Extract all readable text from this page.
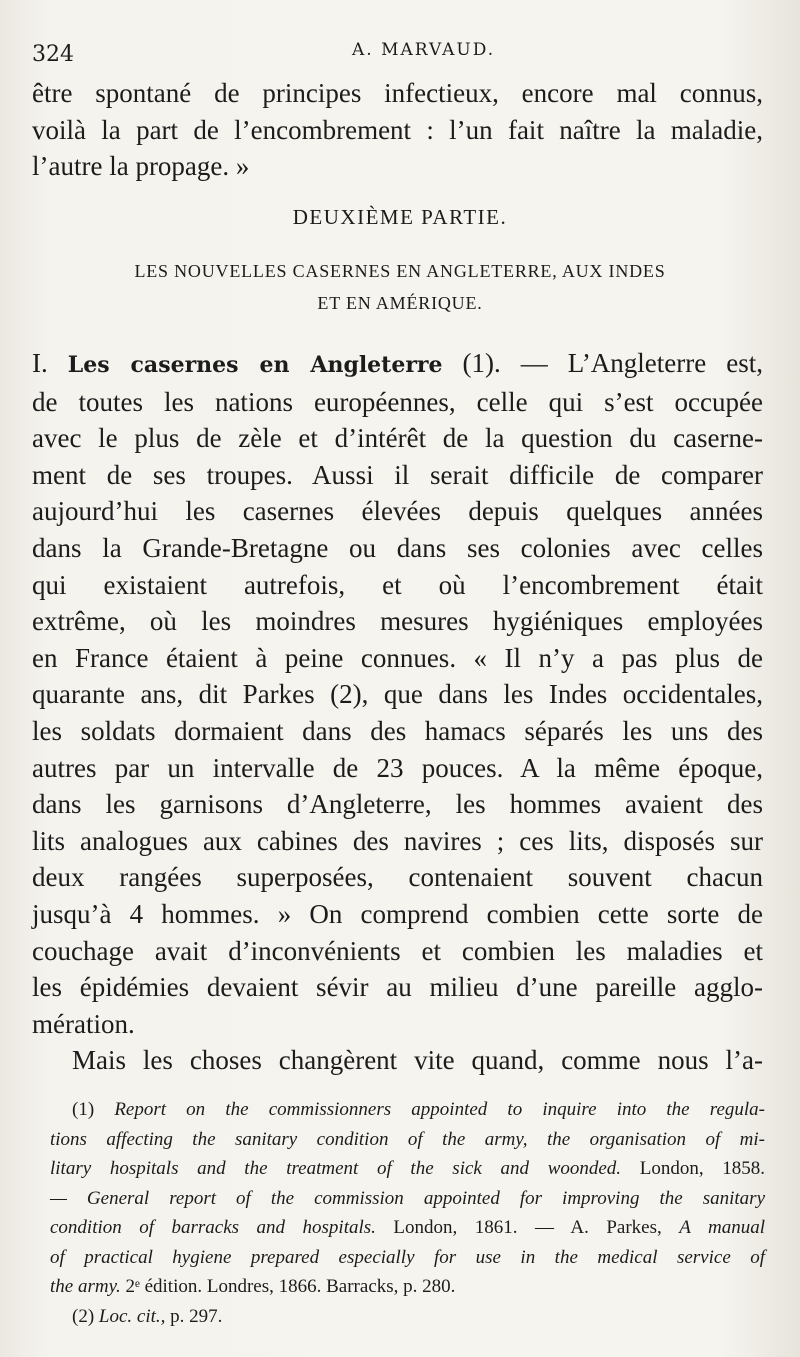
324	A. MARVAUD.
être spontané de principes infectieux, encore mal connus,
voilà la part de l’encombrement : l’un fait naître la maladie,
l’autre la propage. »
DEUXIÈME PARTIE.
LES NOUVELLES CASERNES EN ANGLETERRE, AUX INDES
ET EN AMÉRIQUE.
I. Les casernes en Angleterre (1). — L’Angleterre est,
de toutes les nations européennes, celle qui s’est occupée
avec le plus de zèle et d’intérêt de la question du caserne-
ment de ses troupes. Aussi il serait difficile de comparer
aujourd’hui les casernes élevées depuis quelques années
dans la Grande-Bretagne ou dans ses colonies avec celles
qui existaient autrefois, et où l’encombrement était
extrême, où les moindres mesures hygiéniques employées
en France étaient à peine connues. « Il n’y a pas plus de
quarante ans, dit Parkes (2), que dans les Indes occidentales,
les soldats dormaient dans des hamacs séparés les uns des
autres par un intervalle de 23 pouces. A la même époque,
dans les garnisons d’Angleterre, les hommes avaient des
lits analogues aux cabines des navires ; ces lits, disposés sur
deux rangées superposées, contenaient souvent chacun
jusqu’à 4 hommes. » On comprend combien cette sorte de
couchage avait d’inconvénients et combien les maladies et
les épidémies devaient sévir au milieu d’une pareille agglo-
mération.
Mais les choses changèrent vite quand, comme nous l’a-
(1) Report on the commissionners appointed to inquire into the regula-
tions affecting the sanitary condition of the army, the organisation of mi-
litary hospitals and the treatment of the sick and woonded. London, 1858.
— General report of the commission appointed for improving the sanitary
condition of barracks and hospitals. London, 1861. — A. Parkes, A manual
of practical hygiene prepared especially for use in the medical service of
the army. 2ᵉ édition. Londres, 1866. Barracks, p. 280.
(2) Loc. cit., p. 297.
